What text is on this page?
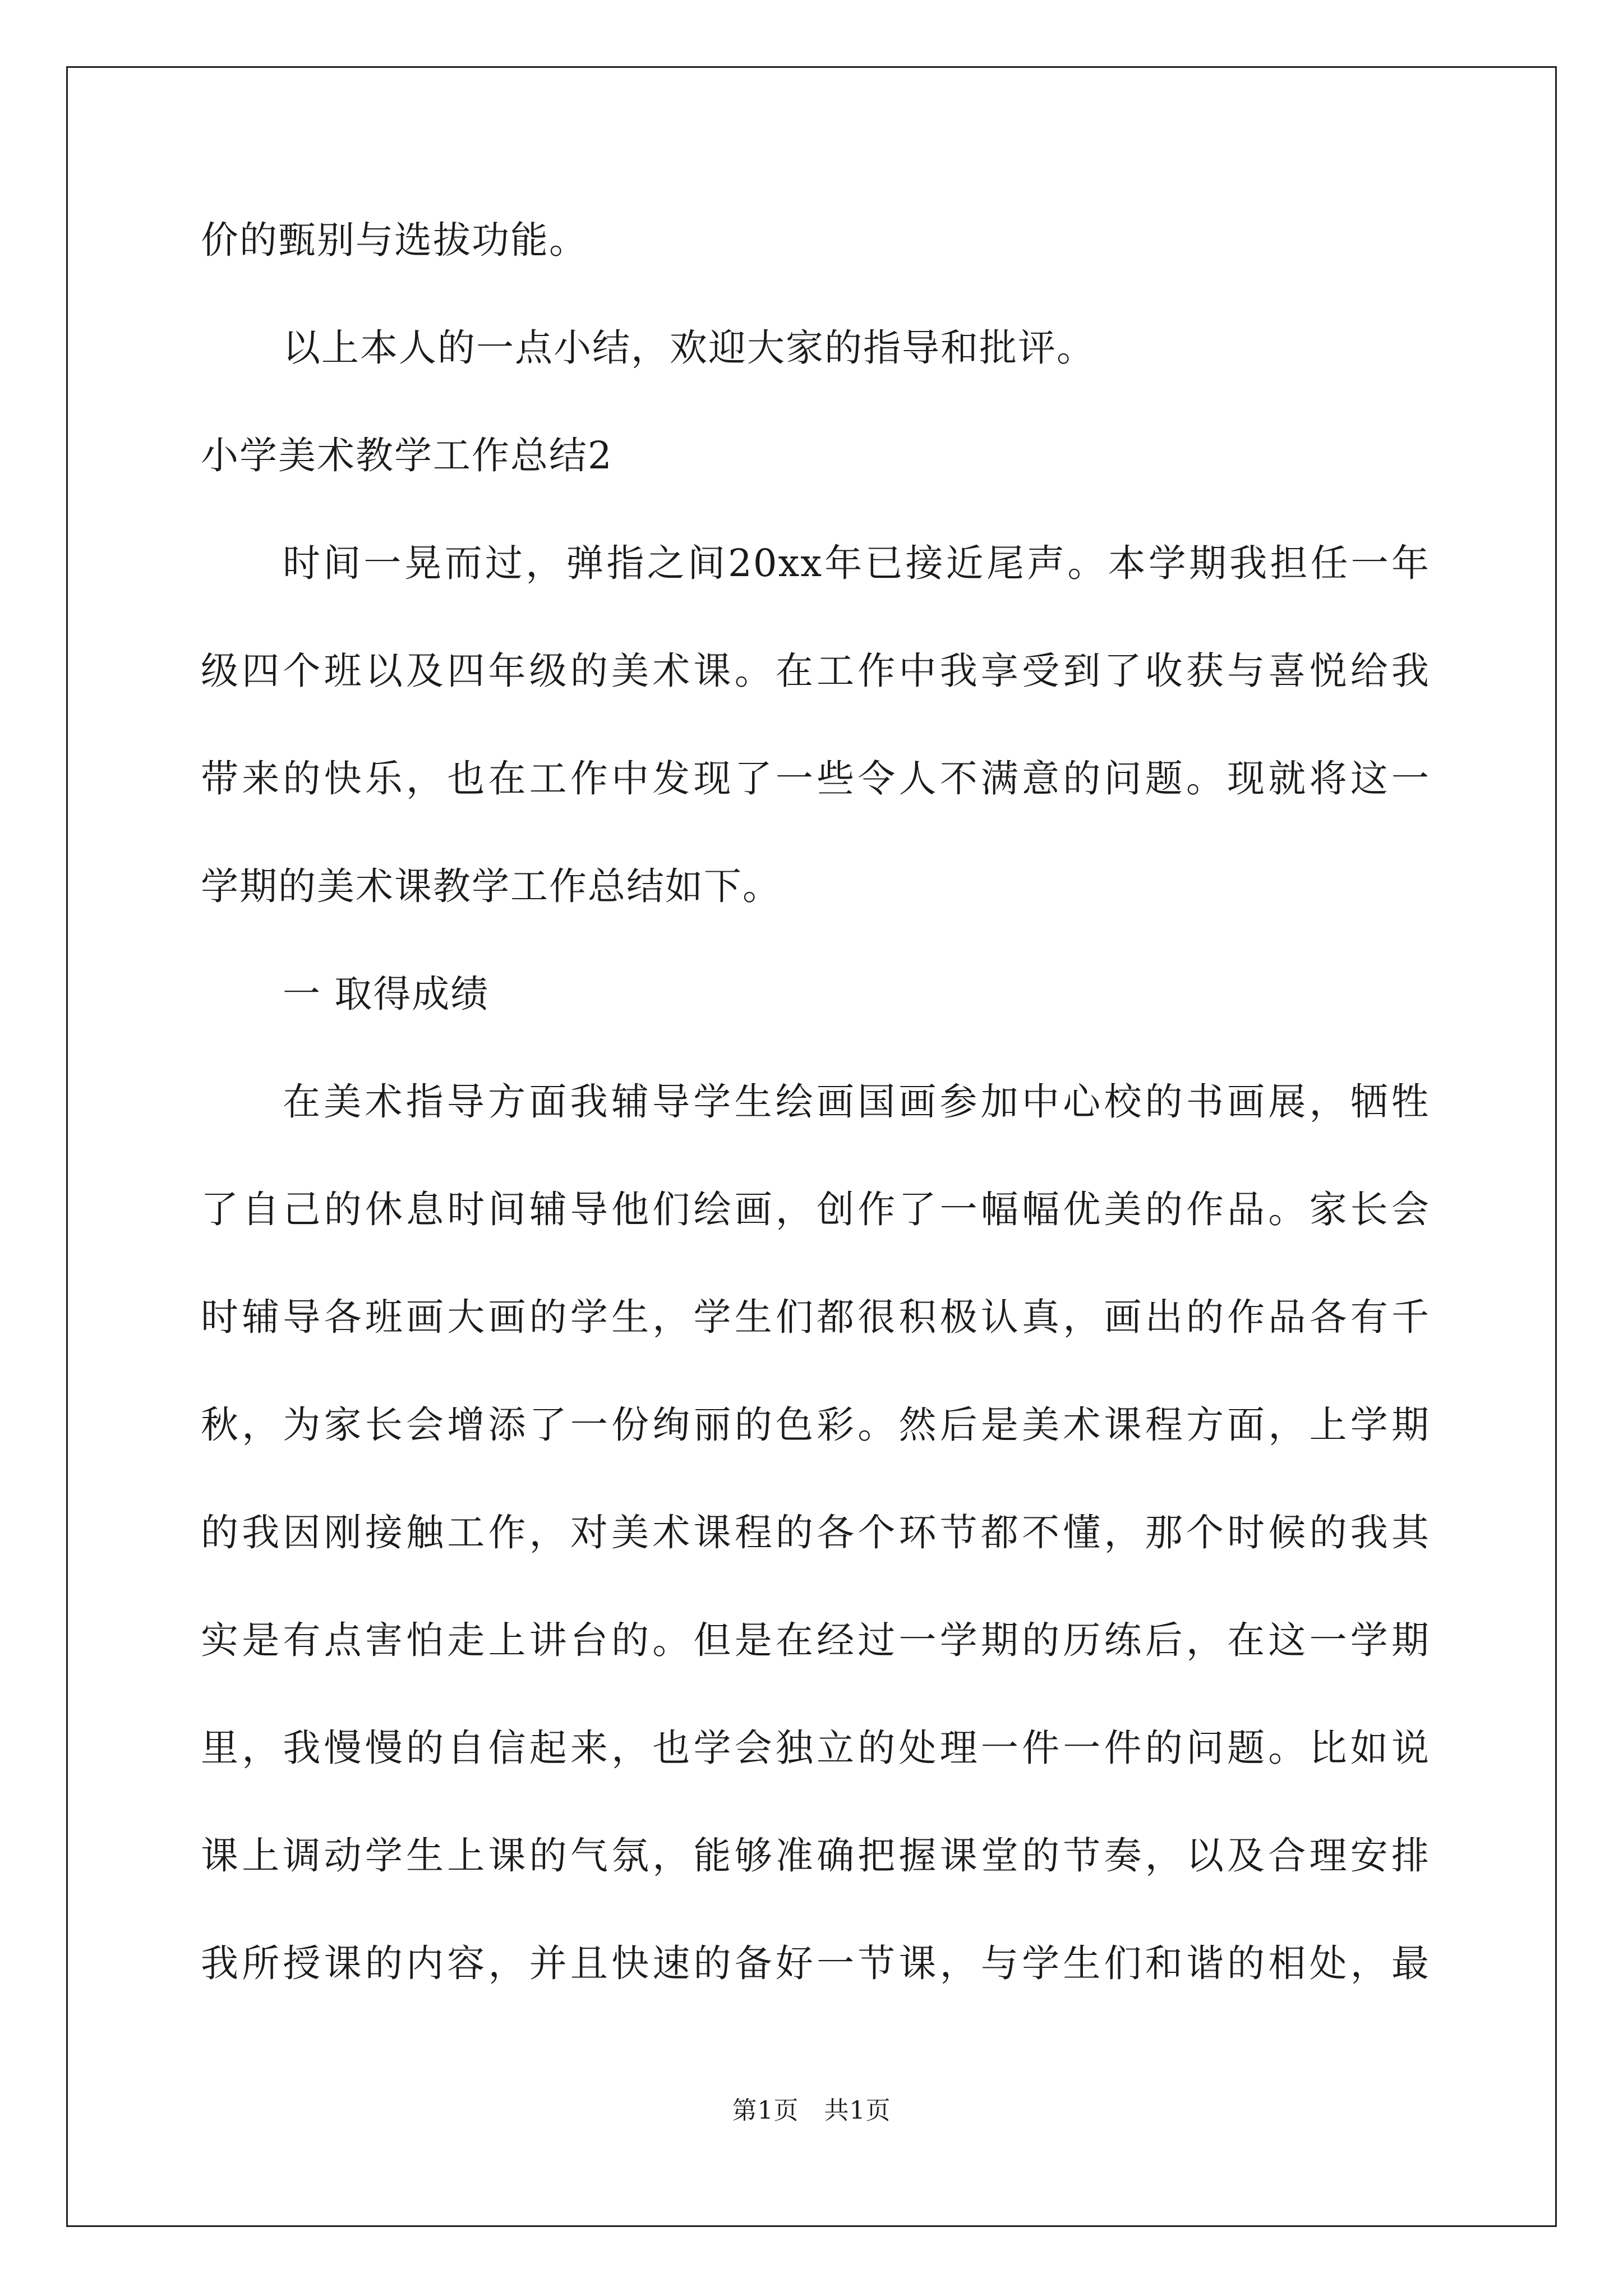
价的甄别与选拔功能。

以上本人的一点小结，欢迎大家的指导和批评。

小学美术教学工作总结2

时间一晃而过，弹指之间20xx年已接近尾声。本学期我担任一年

级四个班以及四年级的美术课。在工作中我享受到了收获与喜悦给我

带来的快乐，也在工作中发现了一些令人不满意的问题。现就将这一

学期的美术课教学工作总结如下。

一 取得成绩

在美术指导方面我辅导学生绘画国画参加中心校的书画展，牺牲

了自己的休息时间辅导他们绘画，创作了一幅幅优美的作品。家长会

时辅导各班画大画的学生，学生们都很积极认真，画出的作品各有千

秋，为家长会增添了一份绚丽的色彩。然后是美术课程方面，上学期

的我因刚接触工作，对美术课程的各个环节都不懂，那个时候的我其

实是有点害怕走上讲台的。但是在经过一学期的历练后，在这一学期

里，我慢慢的自信起来，也学会独立的处理一件一件的问题。比如说

课上调动学生上课的气氛，能够准确把握课堂的节奏，以及合理安排

我所授课的内容，并且快速的备好一节课，与学生们和谐的相处，最

第1页　共1页
